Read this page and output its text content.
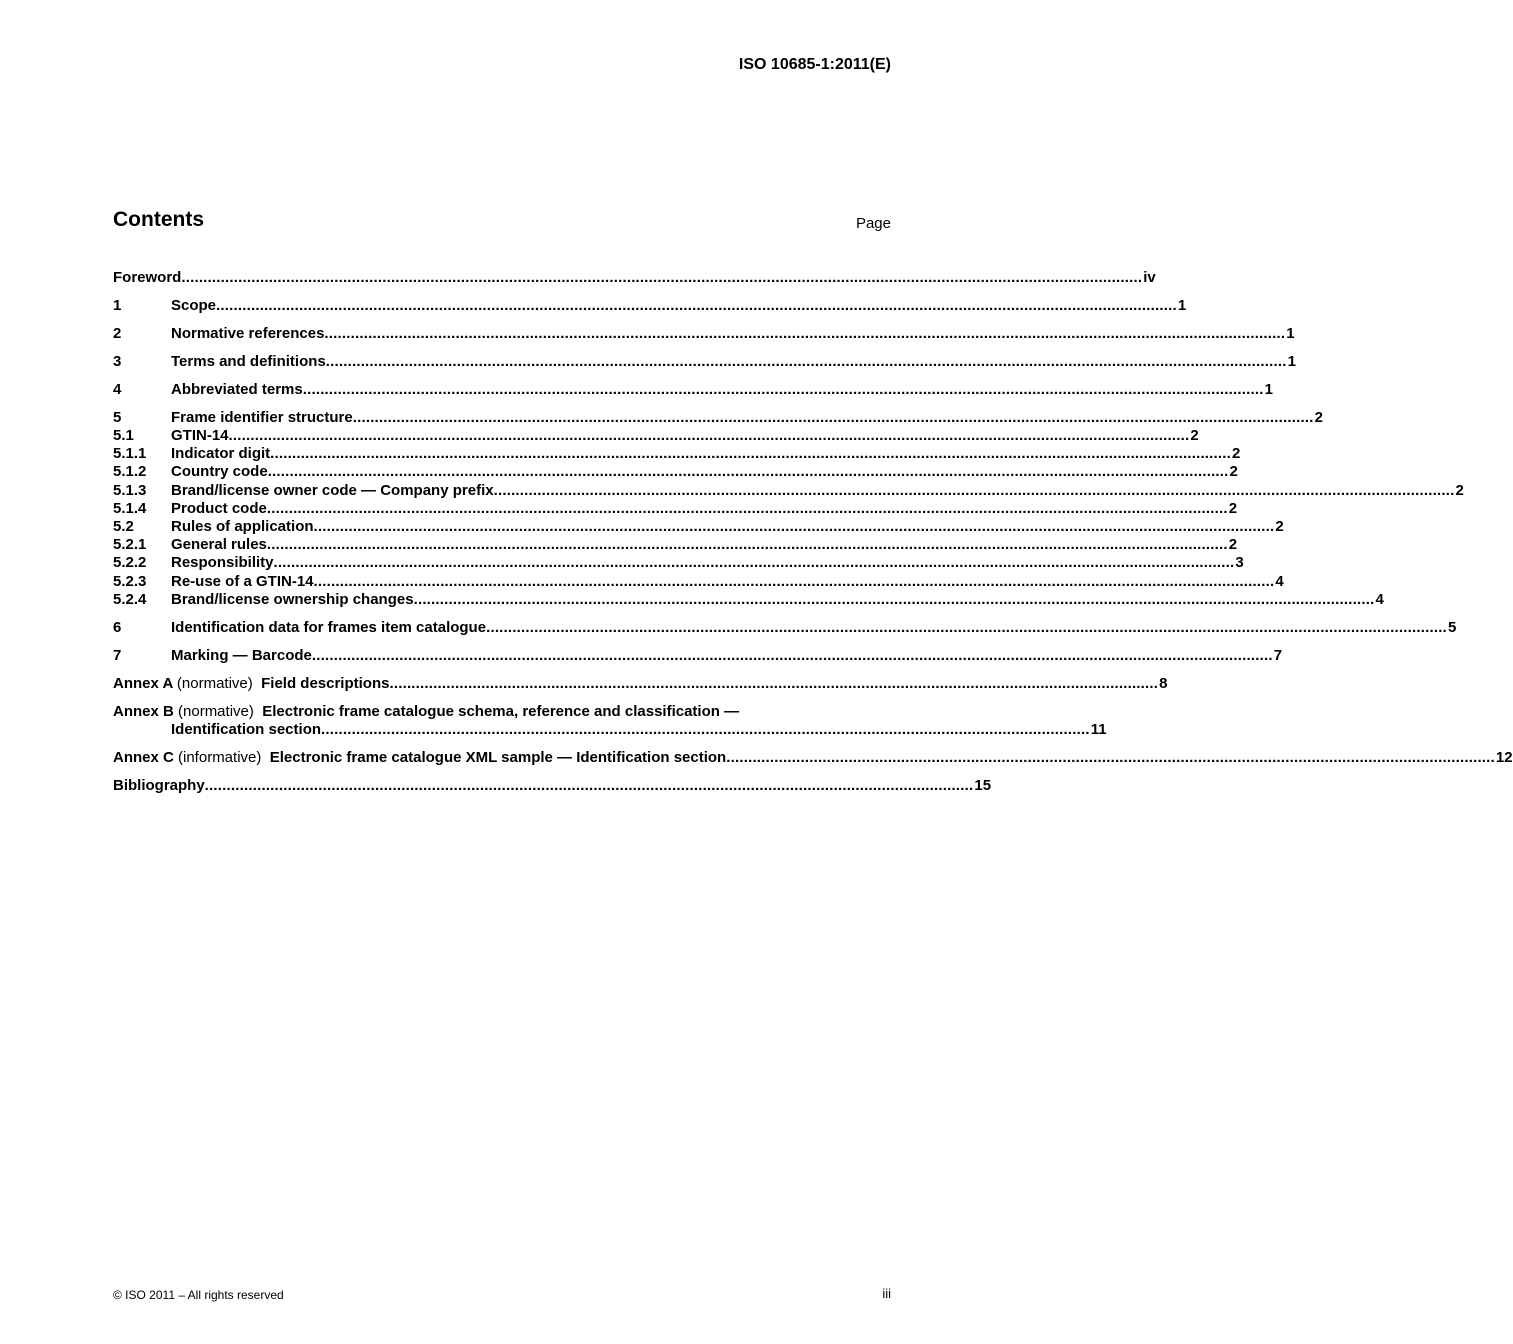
ISO 10685-1:2011(E)
Contents	Page
Foreword ............................................................................................................................................................................................................................ iv
1	Scope ............................................................................................................................................................................................................................ 1
2	Normative references ............................................................................................................................................................................................................................ 1
3	Terms and definitions ............................................................................................................................................................................................................................ 1
4	Abbreviated terms ............................................................................................................................................................................................................................ 1
5	Frame identifier structure ............................................................................................................................................................................................................................ 2
5.1	GTIN-14 ............................................................................................................................................................................................................................ 2
5.1.1	Indicator digit ............................................................................................................................................................................................................................ 2
5.1.2	Country code ............................................................................................................................................................................................................................ 2
5.1.3	Brand/license owner code — Company prefix ............................................................................................................................................................................................................................ 2
5.1.4	Product code ............................................................................................................................................................................................................................ 2
5.2	Rules of application ............................................................................................................................................................................................................................ 2
5.2.1	General rules ............................................................................................................................................................................................................................ 2
5.2.2	Responsibility ............................................................................................................................................................................................................................ 3
5.2.3	Re-use of a GTIN-14 ............................................................................................................................................................................................................................ 4
5.2.4	Brand/license ownership changes ............................................................................................................................................................................................................................ 4
6	Identification data for frames item catalogue ............................................................................................................................................................................................................................ 5
7	Marking — Barcode ............................................................................................................................................................................................................................ 7
Annex A (normative) Field descriptions ................................................................................................................................................................................ 8
Annex B (normative) Electronic frame catalogue schema, reference and classification —
Identification section ................................................................................................................................................................................ 11
Annex C (informative) Electronic frame catalogue XML sample — Identification section ................................................................................................................................................................................ 12
Bibliography ................................................................................................................................................................................ 15
© ISO 2011 – All rights reserved	iii
